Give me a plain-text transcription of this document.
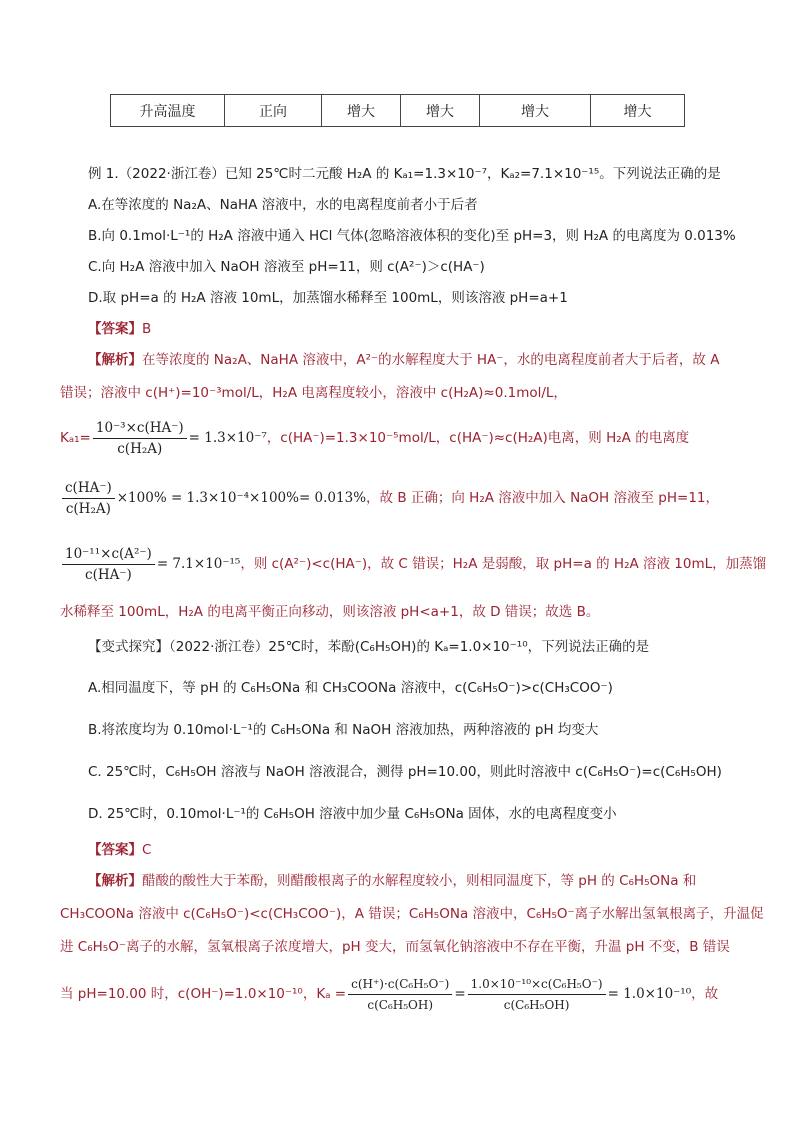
升高温度	正向	增大	增大	增大	增大
例 1.（2022·浙江卷）已知 25℃时二元酸 H₂A 的 Kₐ₁=1.3×10⁻⁷，Kₐ₂=7.1×10⁻¹⁵。下列说法正确的是
A.在等浓度的 Na₂A、NaHA 溶液中，水的电离程度前者小于后者
B.向 0.1mol·L⁻¹的 H₂A 溶液中通入 HCl 气体(忽略溶液体积的变化)至 pH=3，则 H₂A 的电离度为 0.013%
C.向 H₂A 溶液中加入 NaOH 溶液至 pH=11，则 c(A²⁻)＞c(HA⁻)
D.取 pH=a 的 H₂A 溶液 10mL，加蒸馏水稀释至 100mL，则该溶液 pH=a+1
【答案】B
【解析】在等浓度的 Na₂A、NaHA 溶液中，A²⁻的水解程度大于 HA⁻，水的电离程度前者大于后者，故 A
错误；溶液中 c(H⁺)=10⁻³mol/L，H₂A 电离程度较小，溶液中 c(H₂A)≈0.1mol/L，
$K_{a1}= \frac{\text{10⁻³×c(HA⁻)}}{\text{c(H₂A)}} = 1.3\times 10^{-7}$，c(HA⁻)=1.3×10⁻⁵mol/L，c(HA⁻)≈c(H₂A)电离，则 H₂A 的电离度
$\frac{c(HA^-)}{\text{c(H₂A)}} \times 100\% = 1.3\times 10^{-4}\times 100\%= 0.013\%$，故 B 正确；向 H₂A 溶液中加入 NaOH 溶液至 pH=11，
$\frac{\text{10⁻¹¹×c(A²⁻)}}{c(HA^-)} = 7.1\times 10^{-15}$，则 c(A²⁻)<c(HA⁻)，故 C 错误；H₂A 是弱酸，取 pH=a 的 H₂A 溶液 10mL，加蒸馏
水稀释至 100mL，H₂A 的电离平衡正向移动，则该溶液 pH<a+1，故 D 错误；故选 B。
【变式探究】（2022·浙江卷）25℃时，苯酚(C₆H₅OH)的 Kₐ=1.0×10⁻¹⁰，下列说法正确的是
A.相同温度下，等 pH 的 C₆H₅ONa 和 CH₃COONa 溶液中，c(C₆H₅O⁻)>c(CH₃COO⁻)
B.将浓度均为 0.10mol·L⁻¹的 C₆H₅ONa 和 NaOH 溶液加热，两种溶液的 pH 均变大
C. 25℃时，C₆H₅OH 溶液与 NaOH 溶液混合，测得 pH=10.00，则此时溶液中 c(C₆H₅O⁻)=c(C₆H₅OH)
D. 25℃时，0.10mol·L⁻¹的 C₆H₅OH 溶液中加少量 C₆H₅ONa 固体，水的电离程度变小
【答案】C
【解析】醋酸的酸性大于苯酚，则醋酸根离子的水解程度较小，则相同温度下，等 pH 的 C₆H₅ONa 和
CH₃COONa 溶液中 c(C₆H₅O⁻)<c(CH₃COO⁻)，A 错误；C₆H₅ONa 溶液中，C₆H₅O⁻离子水解出氢氧根离子，升温促
进 C₆H₅O⁻离子的水解，氢氧根离子浓度增大，pH 变大，而氢氧化钠溶液中不存在平衡，升温 pH 不变，B 错误
当 pH=10.00 时，c(OH⁻)=1.0×10⁻¹⁰，$K_a = \frac{\text{c(H⁺)·c(C₆H₅O⁻)}}{\text{c(C₆H₅OH)}} = \frac{\text{1.0×10⁻¹⁰×c(C₆H₅O⁻)}}{\text{c(C₆H₅OH)}} = 1.0\times 10^{-10}$，故
